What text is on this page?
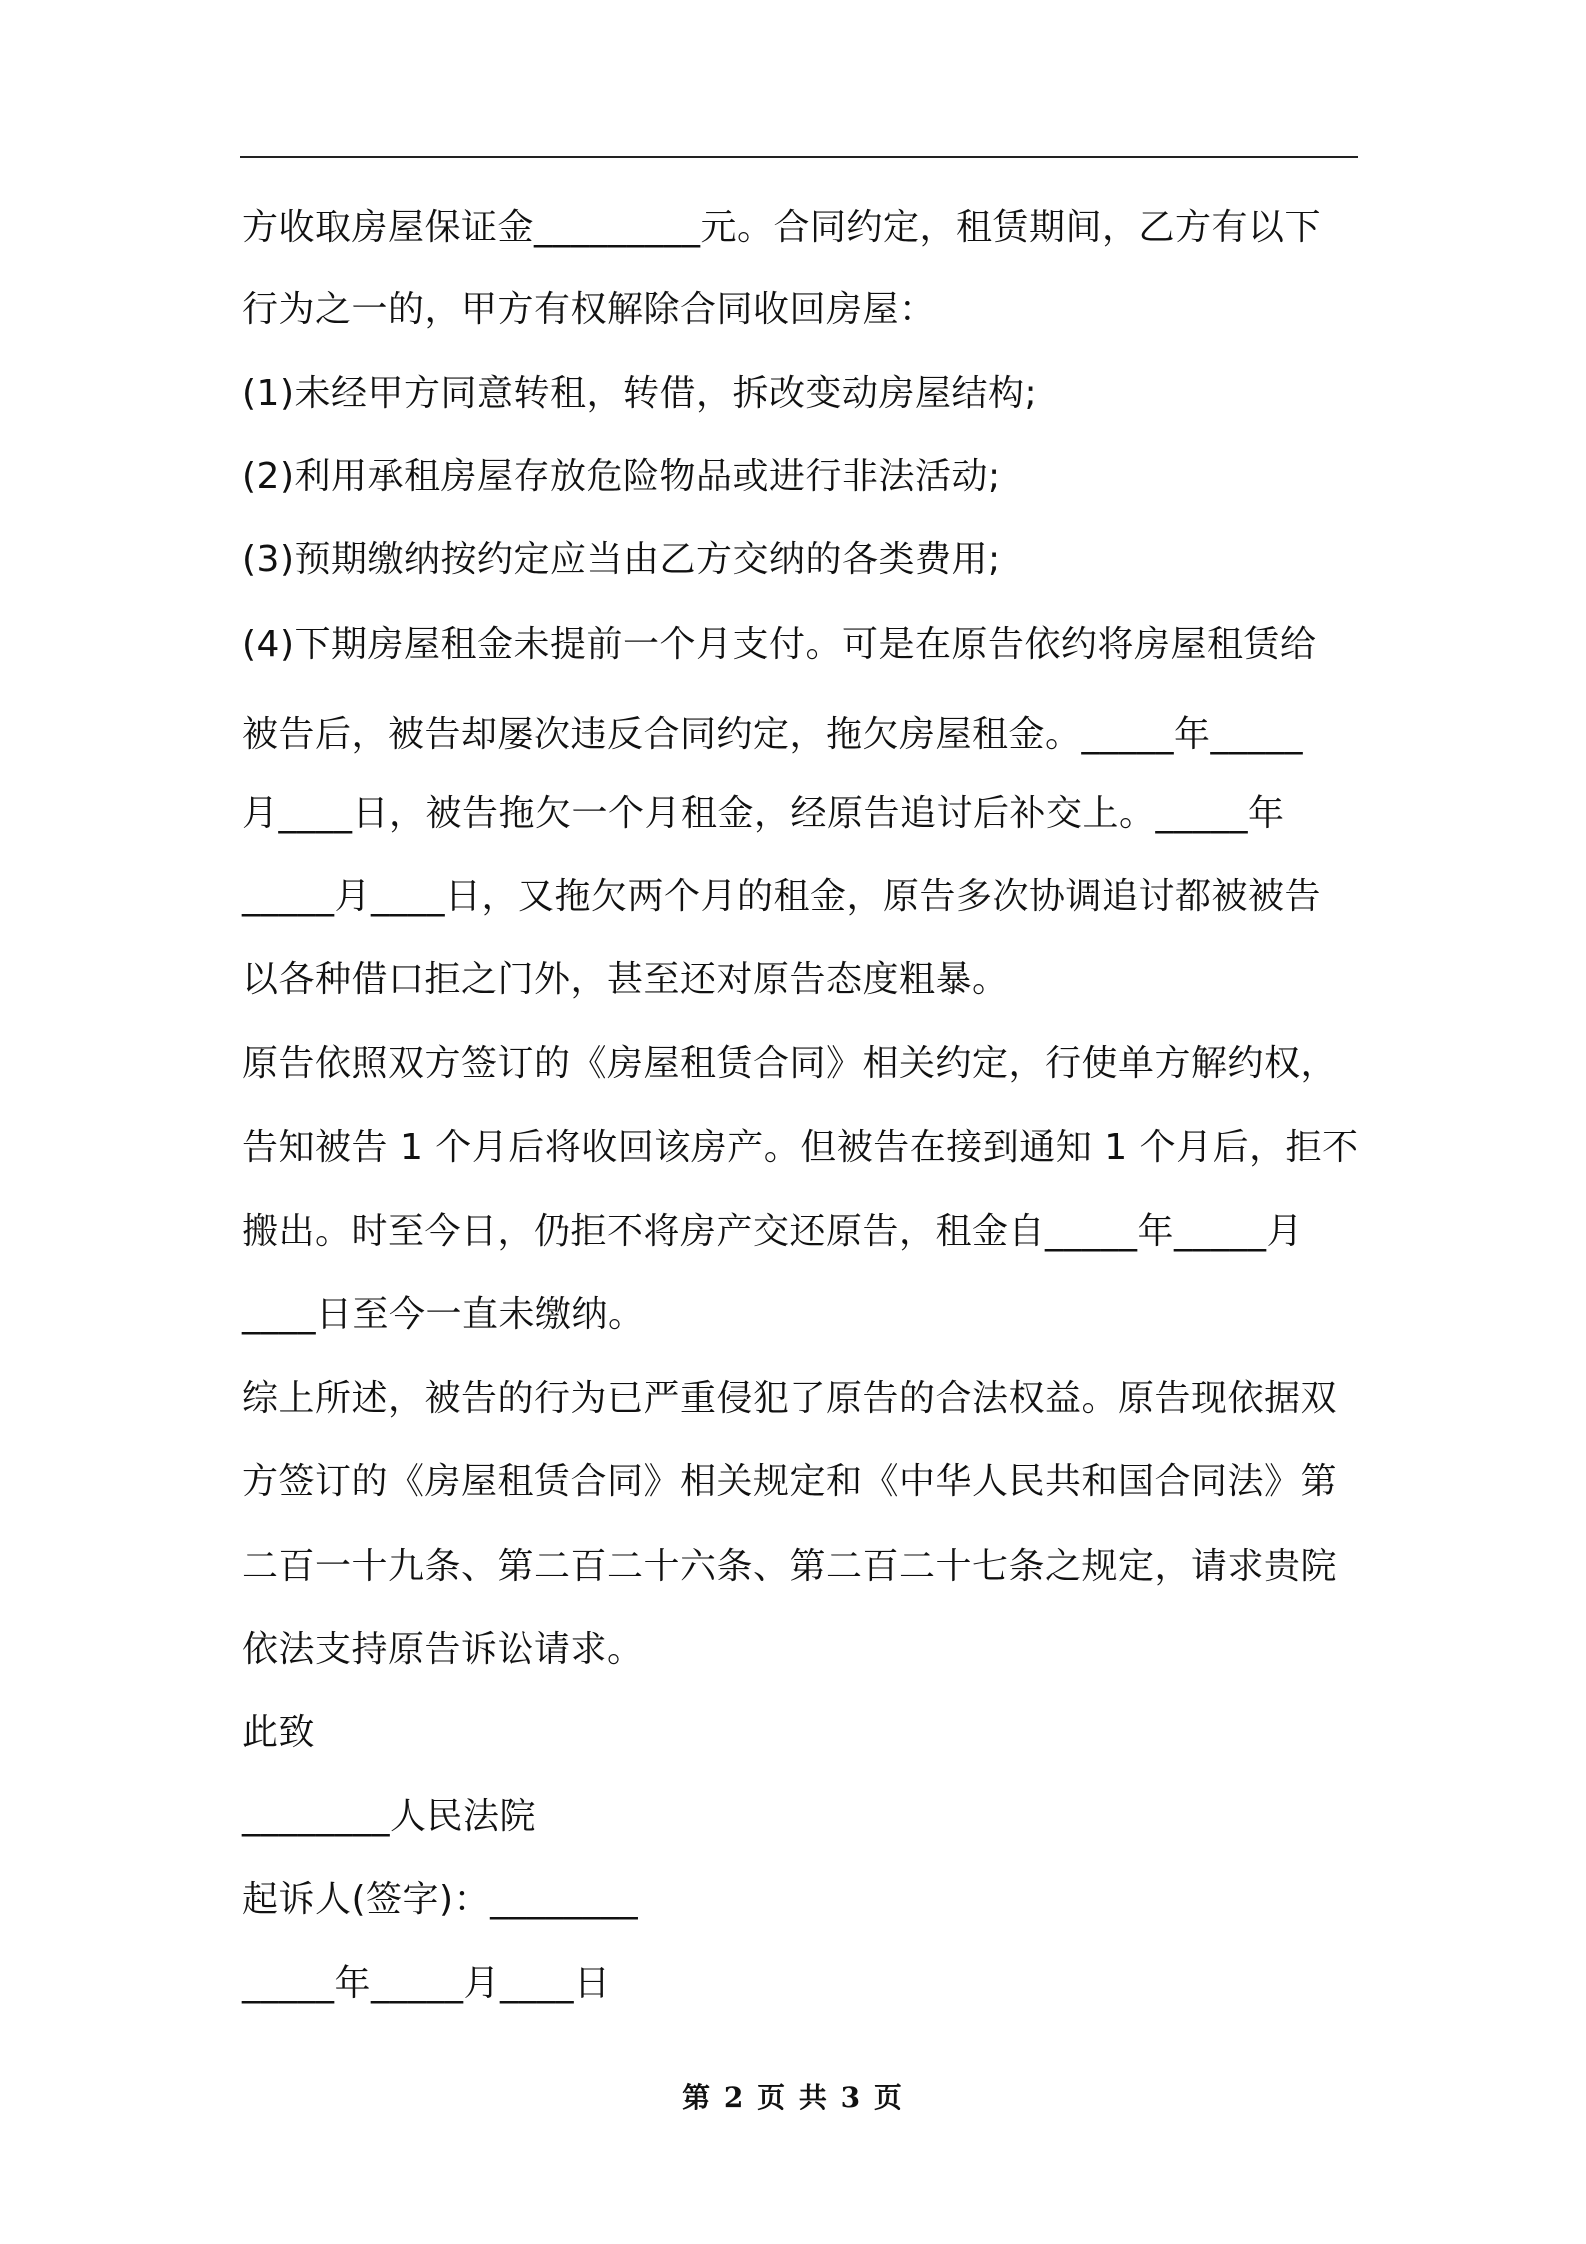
方收取房屋保证金_________元。合同约定，租赁期间，乙方有以下
行为之一的，甲方有权解除合同收回房屋：
(1)未经甲方同意转租，转借，拆改变动房屋结构;
(2)利用承租房屋存放危险物品或进行非法活动;
(3)预期缴纳按约定应当由乙方交纳的各类费用;
(4)下期房屋租金未提前一个月支付。可是在原告依约将房屋租赁给
被告后，被告却屡次违反合同约定，拖欠房屋租金。_____年_____
月____日，被告拖欠一个月租金，经原告追讨后补交上。_____年
_____月____日，又拖欠两个月的租金，原告多次协调追讨都被被告
以各种借口拒之门外，甚至还对原告态度粗暴。
原告依照双方签订的《房屋租赁合同》相关约定，行使单方解约权，
告知被告 1 个月后将收回该房产。但被告在接到通知 1 个月后，拒不
搬出。时至今日，仍拒不将房产交还原告，租金自_____年_____月
____日至今一直未缴纳。
综上所述，被告的行为已严重侵犯了原告的合法权益。原告现依据双
方签订的《房屋租赁合同》相关规定和《中华人民共和国合同法》第
二百一十九条、第二百二十六条、第二百二十七条之规定，请求贵院
依法支持原告诉讼请求。
此致
________人民法院
起诉人(签字)：________
_____年_____月____日
第 2 页 共 3 页
